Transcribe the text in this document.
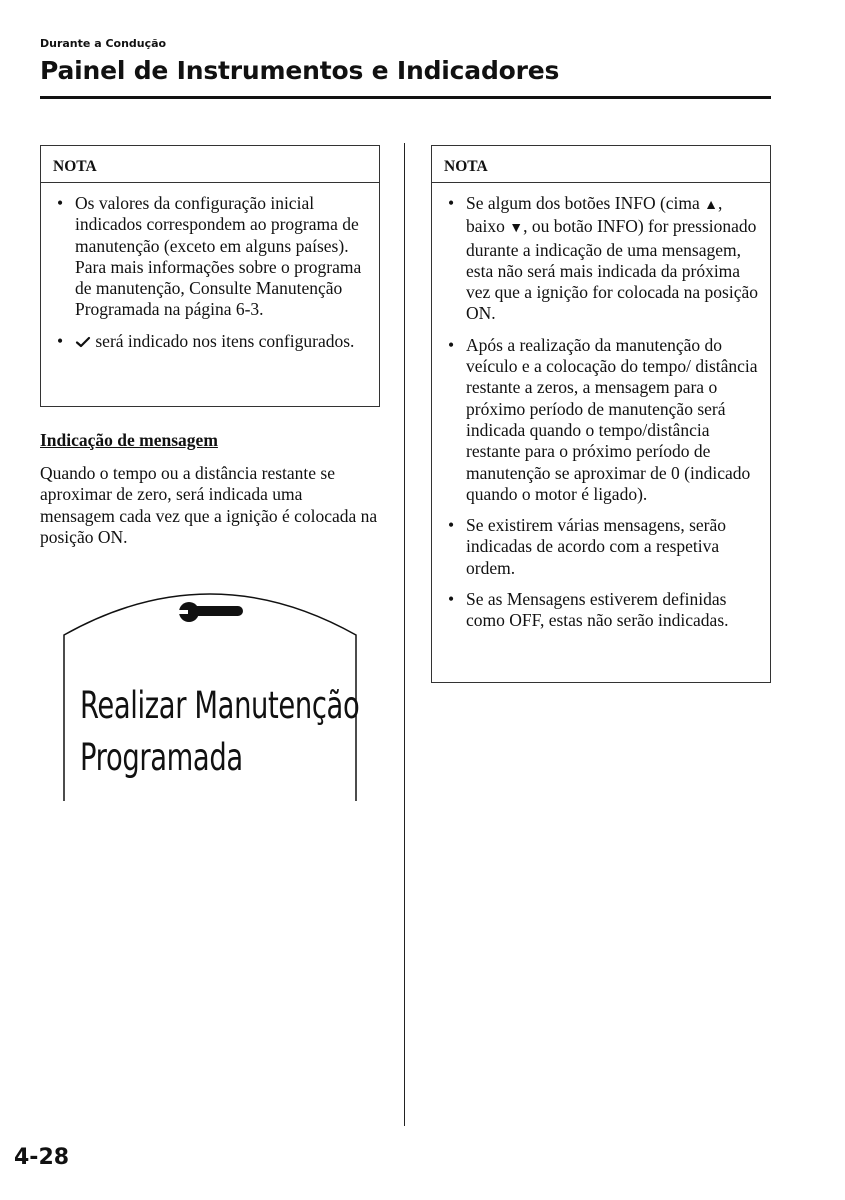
Durante a Condução
Painel de Instrumentos e Indicadores
NOTA
• Os valores da configuração inicial indicados correspondem ao programa de manutenção (exceto em alguns países). Para mais informações sobre o programa de manutenção, Consulte Manutenção Programada na página 6-3.
• será indicado nos itens configurados.
Indicação de mensagem

Quando o tempo ou a distância restante se aproximar de zero, será indicada uma mensagem cada vez que a ignição é colocada na posição ON.

Realizar Manutenção
Programada
NOTA
• Se algum dos botões INFO (cima ▲, baixo ▼, ou botão INFO) for pressionado durante a indicação de uma mensagem, esta não será mais indicada da próxima vez que a ignição for colocada na posição ON.
• Após a realização da manutenção do veículo e a colocação do tempo/ distância restante a zeros, a mensagem para o próximo período de manutenção será indicada quando o tempo/distância restante para o próximo período de manutenção se aproximar de 0 (indicado quando o motor é ligado).
• Se existirem várias mensagens, serão indicadas de acordo com a respetiva ordem.
• Se as Mensagens estiverem definidas como OFF, estas não serão indicadas.
4-28
